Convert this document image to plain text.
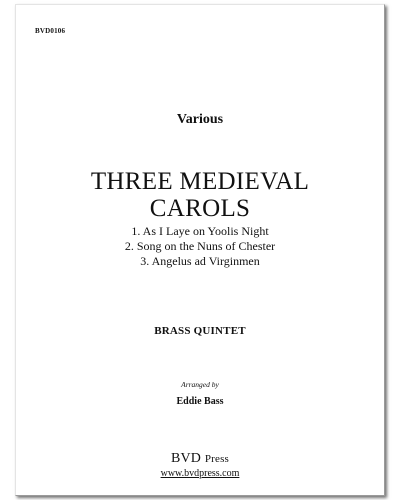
BVD0106
Various
THREE MEDIEVAL
CAROLS
1. As I Laye on Yoolis Night
2. Song on the Nuns of Chester
3. Angelus ad Virginmen
BRASS QUINTET
Arranged by
Eddie Bass
BVD Press
www.bvdpress.com
